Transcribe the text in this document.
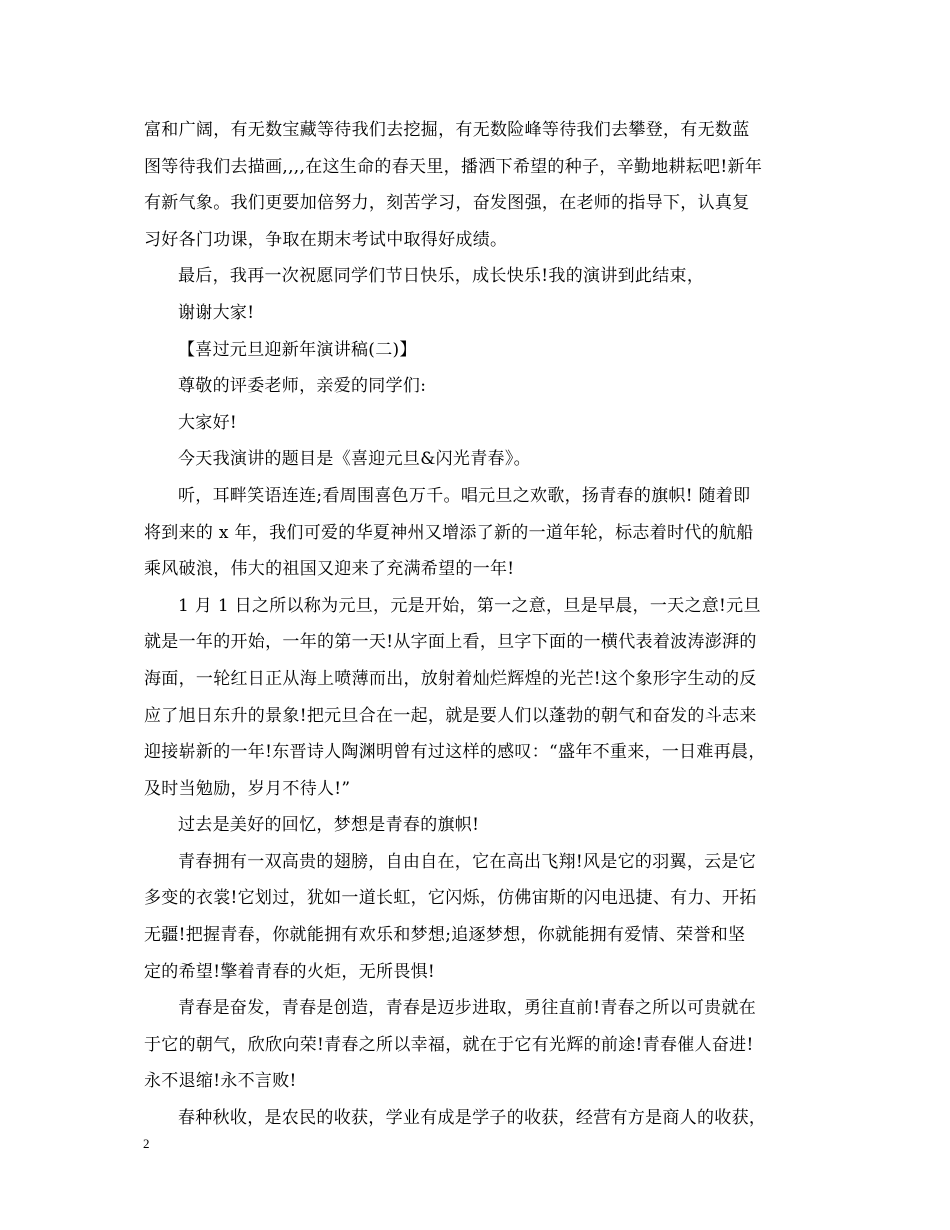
富和广阔，有无数宝藏等待我们去挖掘，有无数险峰等待我们去攀登，有无数蓝
图等待我们去描画,,,,在这生命的春天里，播洒下希望的种子，辛勤地耕耘吧!新年
有新气象。我们更要加倍努力，刻苦学习，奋发图强，在老师的指导下，认真复
习好各门功课，争取在期末考试中取得好成绩。
最后，我再一次祝愿同学们节日快乐，成长快乐!我的演讲到此结束，
谢谢大家!
【喜过元旦迎新年演讲稿(二)】
尊敬的评委老师，亲爱的同学们:
大家好!
今天我演讲的题目是《喜迎元旦&闪光青春》。
听，耳畔笑语连连;看周围喜色万千。唱元旦之欢歌，扬青春的旗帜! 随着即
将到来的 x 年，我们可爱的华夏神州又增添了新的一道年轮，标志着时代的航船
乘风破浪，伟大的祖国又迎来了充满希望的一年!
1 月 1 日之所以称为元旦，元是开始，第一之意，旦是早晨，一天之意!元旦
就是一年的开始，一年的第一天!从字面上看，旦字下面的一横代表着波涛澎湃的
海面，一轮红日正从海上喷薄而出，放射着灿烂辉煌的光芒!这个象形字生动的反
应了旭日东升的景象!把元旦合在一起，就是要人们以蓬勃的朝气和奋发的斗志来
迎接崭新的一年!东晋诗人陶渊明曾有过这样的感叹：“盛年不重来，一日难再晨，
及时当勉励，岁月不待人!”
过去是美好的回忆，梦想是青春的旗帜!
青春拥有一双高贵的翅膀，自由自在，它在高出飞翔!风是它的羽翼，云是它
多变的衣裳!它划过，犹如一道长虹，它闪烁，仿佛宙斯的闪电迅捷、有力、开拓
无疆!把握青春，你就能拥有欢乐和梦想;追逐梦想，你就能拥有爱情、荣誉和坚
定的希望!擎着青春的火炬，无所畏惧!
青春是奋发，青春是创造，青春是迈步进取，勇往直前!青春之所以可贵就在
于它的朝气，欣欣向荣!青春之所以幸福，就在于它有光辉的前途!青春催人奋进!
永不退缩!永不言败!
春种秋收，是农民的收获，学业有成是学子的收获，经营有方是商人的收获，
2
